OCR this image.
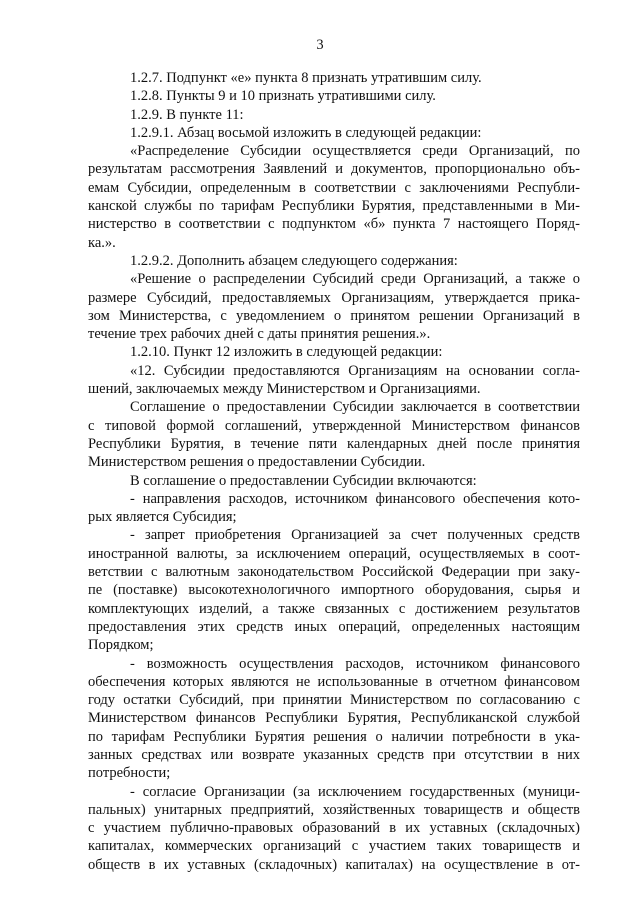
3
1.2.7. Подпункт «е» пункта 8 признать утратившим силу.
1.2.8. Пункты 9 и 10 признать утратившими силу.
1.2.9. В пункте 11:
1.2.9.1. Абзац восьмой изложить в следующей редакции:
«Распределение Субсидии осуществляется среди Организаций, по
результатам рассмотрения Заявлений и документов, пропорционально объ-
емам Субсидии, определенным в соответствии с заключениями Республи-
канской службы по тарифам Республики Бурятия, представленными в Ми-
нистерство в соответствии с подпунктом «б» пункта 7 настоящего Поряд-
ка.».
1.2.9.2. Дополнить абзацем следующего содержания:
«Решение о распределении Субсидий среди Организаций, а также о
размере Субсидий, предоставляемых Организациям, утверждается прика-
зом Министерства, с уведомлением о принятом решении Организаций в
течение трех рабочих дней с даты принятия решения.».
1.2.10. Пункт 12 изложить в следующей редакции:
«12. Субсидии предоставляются Организациям на основании согла-
шений, заключаемых между Министерством и Организациями.
Соглашение о предоставлении Субсидии заключается в соответствии
с типовой формой соглашений, утвержденной Министерством финансов
Республики Бурятия, в течение пяти календарных дней после принятия
Министерством решения о предоставлении Субсидии.
В соглашение о предоставлении Субсидии включаются:
- направления расходов, источником финансового обеспечения кото-
рых является Субсидия;
- запрет приобретения Организацией за счет полученных средств
иностранной валюты, за исключением операций, осуществляемых в соот-
ветствии с валютным законодательством Российской Федерации при заку-
пе (поставке) высокотехнологичного импортного оборудования, сырья и
комплектующих изделий, а также связанных с достижением результатов
предоставления этих средств иных операций, определенных настоящим
Порядком;
- возможность осуществления расходов, источником финансового
обеспечения которых являются не использованные в отчетном финансовом
году остатки Субсидий, при принятии Министерством по согласованию с
Министерством финансов Республики Бурятия, Республиканской службой
по тарифам Республики Бурятия решения о наличии потребности в ука-
занных средствах или возврате указанных средств при отсутствии в них
потребности;
- согласие Организации (за исключением государственных (муници-
пальных) унитарных предприятий, хозяйственных товариществ и обществ
с участием публично-правовых образований в их уставных (складочных)
капиталах, коммерческих организаций с участием таких товариществ и
обществ в их уставных (складочных) капиталах) на осуществление в от-
